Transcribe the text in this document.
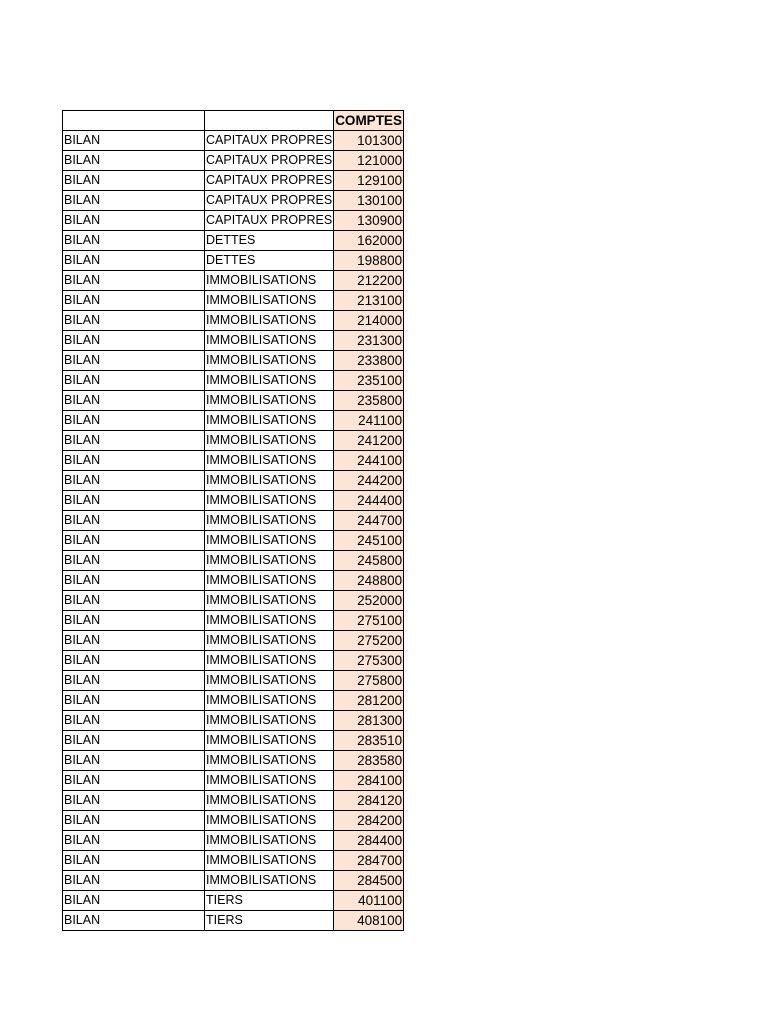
		COMPTES
BILAN	CAPITAUX PROPRES	101300
BILAN	CAPITAUX PROPRES	121000
BILAN	CAPITAUX PROPRES	129100
BILAN	CAPITAUX PROPRES	130100
BILAN	CAPITAUX PROPRES	130900
BILAN	DETTES	162000
BILAN	DETTES	198800
BILAN	IMMOBILISATIONS	212200
BILAN	IMMOBILISATIONS	213100
BILAN	IMMOBILISATIONS	214000
BILAN	IMMOBILISATIONS	231300
BILAN	IMMOBILISATIONS	233800
BILAN	IMMOBILISATIONS	235100
BILAN	IMMOBILISATIONS	235800
BILAN	IMMOBILISATIONS	241100
BILAN	IMMOBILISATIONS	241200
BILAN	IMMOBILISATIONS	244100
BILAN	IMMOBILISATIONS	244200
BILAN	IMMOBILISATIONS	244400
BILAN	IMMOBILISATIONS	244700
BILAN	IMMOBILISATIONS	245100
BILAN	IMMOBILISATIONS	245800
BILAN	IMMOBILISATIONS	248800
BILAN	IMMOBILISATIONS	252000
BILAN	IMMOBILISATIONS	275100
BILAN	IMMOBILISATIONS	275200
BILAN	IMMOBILISATIONS	275300
BILAN	IMMOBILISATIONS	275800
BILAN	IMMOBILISATIONS	281200
BILAN	IMMOBILISATIONS	281300
BILAN	IMMOBILISATIONS	283510
BILAN	IMMOBILISATIONS	283580
BILAN	IMMOBILISATIONS	284100
BILAN	IMMOBILISATIONS	284120
BILAN	IMMOBILISATIONS	284200
BILAN	IMMOBILISATIONS	284400
BILAN	IMMOBILISATIONS	284700
BILAN	IMMOBILISATIONS	284500
BILAN	TIERS	401100
BILAN	TIERS	408100
